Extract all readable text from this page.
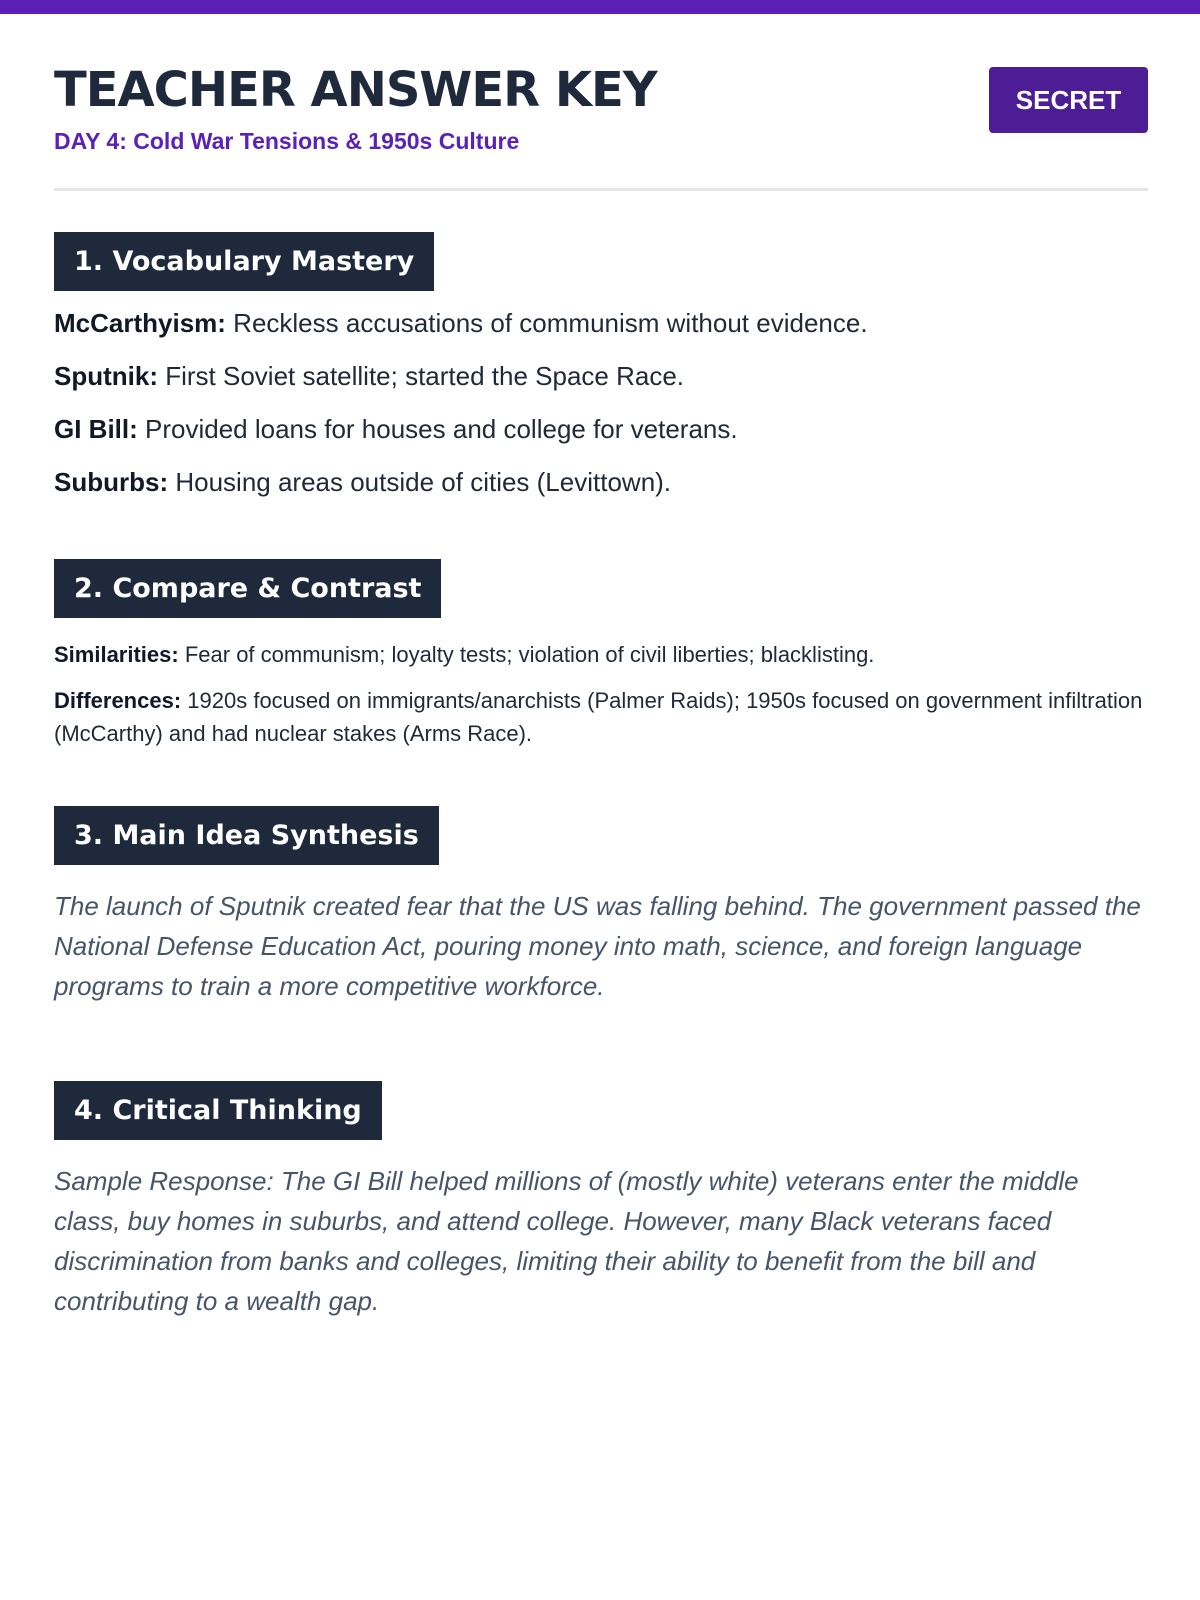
TEACHER ANSWER KEY

DAY 4: Cold War Tensions & 1950s Culture

SECRET
1. Vocabulary Mastery

McCarthyism: Reckless accusations of communism without evidence.

Sputnik: First Soviet satellite; started the Space Race.

GI Bill: Provided loans for houses and college for veterans.

Suburbs: Housing areas outside of cities (Levittown).

2. Compare & Contrast

Similarities: Fear of communism; loyalty tests; violation of civil liberties; blacklisting.

Differences: 1920s focused on immigrants/anarchists (Palmer Raids); 1950s focused on government infiltration (McCarthy) and had nuclear stakes (Arms Race).

3. Main Idea Synthesis

The launch of Sputnik created fear that the US was falling behind. The government passed the National Defense Education Act, pouring money into math, science, and foreign language programs to train a more competitive workforce.

4. Critical Thinking

Sample Response: The GI Bill helped millions of (mostly white) veterans enter the middle class, buy homes in suburbs, and attend college. However, many Black veterans faced discrimination from banks and colleges, limiting their ability to benefit from the bill and contributing to a wealth gap.
